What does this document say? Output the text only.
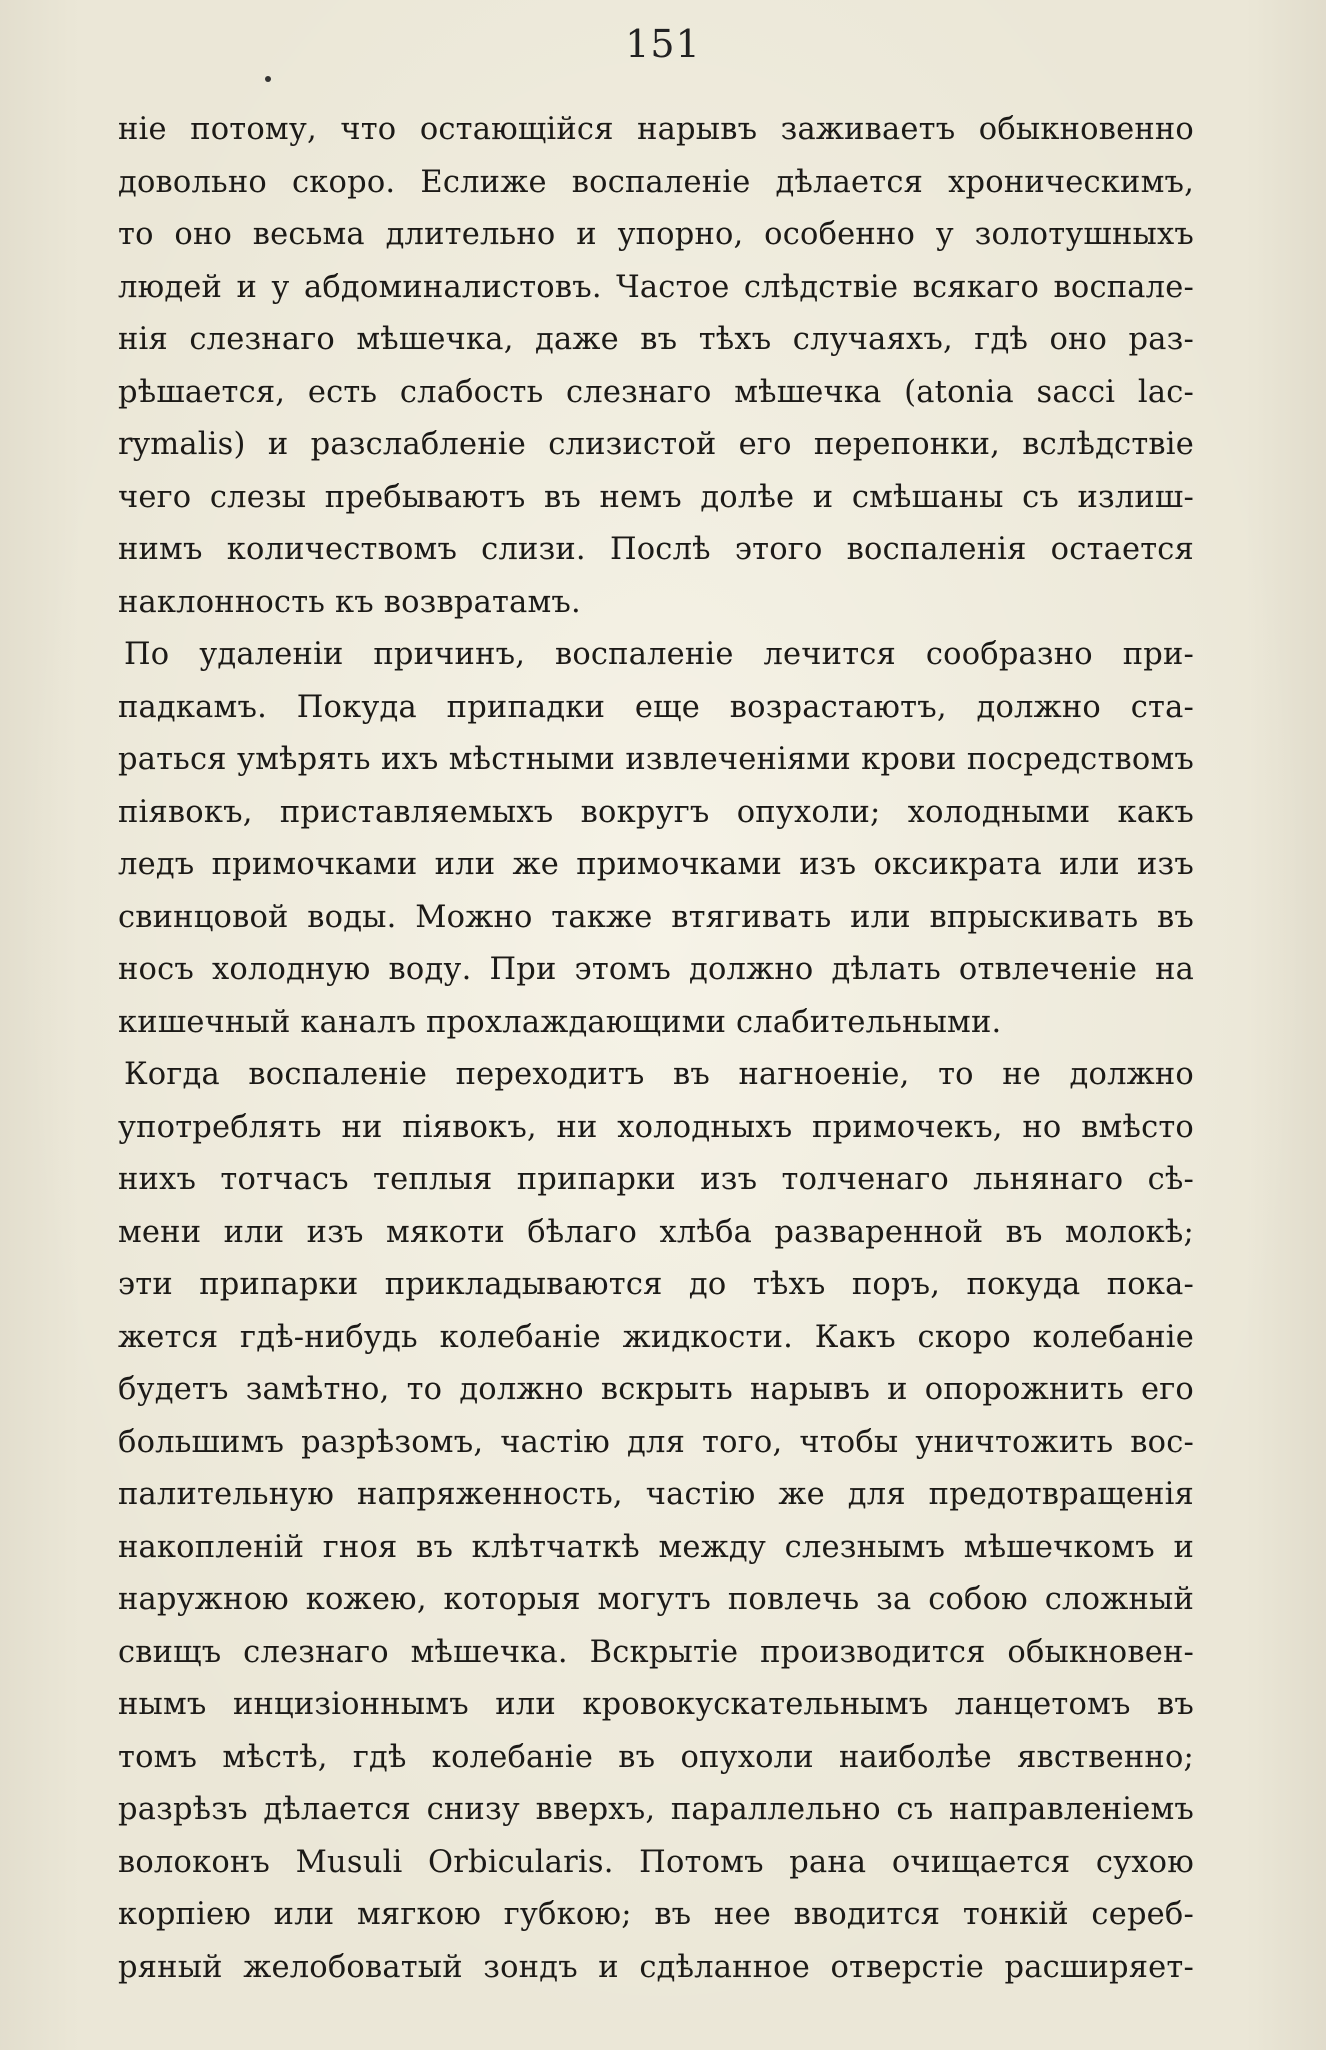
151
ніе потому, что остающійся нарывъ заживаетъ обыкновенно
довольно скоро. Еслиже воспаленіе дѣлается хроническимъ,
то оно весьма длительно и упорно, особенно у золотушныхъ
людей и у абдоминалистовъ. Частое слѣдствіе всякаго воспале-
нія слезнаго мѣшечка, даже въ тѣхъ случаяхъ, гдѣ оно раз-
рѣшается, есть слабость слезнаго мѣшечка (atonia sacci lac-
rymalis) и разслабленіе слизистой его перепонки, вслѣдствіе
чего слезы пребываютъ въ немъ долѣе и смѣшаны съ излиш-
нимъ количествомъ слизи. Послѣ этого воспаленія остается
наклонность къ возвратамъ.
По удаленіи причинъ, воспаленіе лечится сообразно при-
падкамъ. Покуда припадки еще возрастаютъ, должно ста-
раться умѣрять ихъ мѣстными извлеченіями крови посредствомъ
піявокъ, приставляемыхъ вокругъ опухоли; холодными какъ
ледъ примочками или же примочками изъ оксикрата или изъ
свинцовой воды. Можно также втягивать или впрыскивать въ
носъ холодную воду. При этомъ должно дѣлать отвлеченіе на
кишечный каналъ прохлаждающими слабительными.
Когда воспаленіе переходитъ въ нагноеніе, то не должно
употреблять ни піявокъ, ни холодныхъ примочекъ, но вмѣсто
нихъ тотчасъ теплыя припарки изъ толченаго льнянаго сѣ-
мени или изъ мякоти бѣлаго хлѣба разваренной въ молокѣ;
эти припарки прикладываются до тѣхъ поръ, покуда пока-
жется гдѣ-нибудь колебаніе жидкости. Какъ скоро колебаніе
будетъ замѣтно, то должно вскрыть нарывъ и опорожнить его
большимъ разрѣзомъ, частію для того, чтобы уничтожить вос-
палительную напряженность, частію же для предотвращенія
накопленій гноя въ клѣтчаткѣ между слезнымъ мѣшечкомъ и
наружною кожею, которыя могутъ повлечь за собою сложный
свищъ слезнаго мѣшечка. Вскрытіе производится обыкновен-
нымъ инцизіоннымъ или кровокускательнымъ ланцетомъ въ
томъ мѣстѣ, гдѣ колебаніе въ опухоли наиболѣе явственно;
разрѣзъ дѣлается снизу вверхъ, параллельно съ направленіемъ
волоконъ Musuli Orbicularis. Потомъ рана очищается сухою
корпіею или мягкою губкою; въ нее вводится тонкій сереб-
ряный желобоватый зондъ и сдѣланное отверстіе расширяет-
